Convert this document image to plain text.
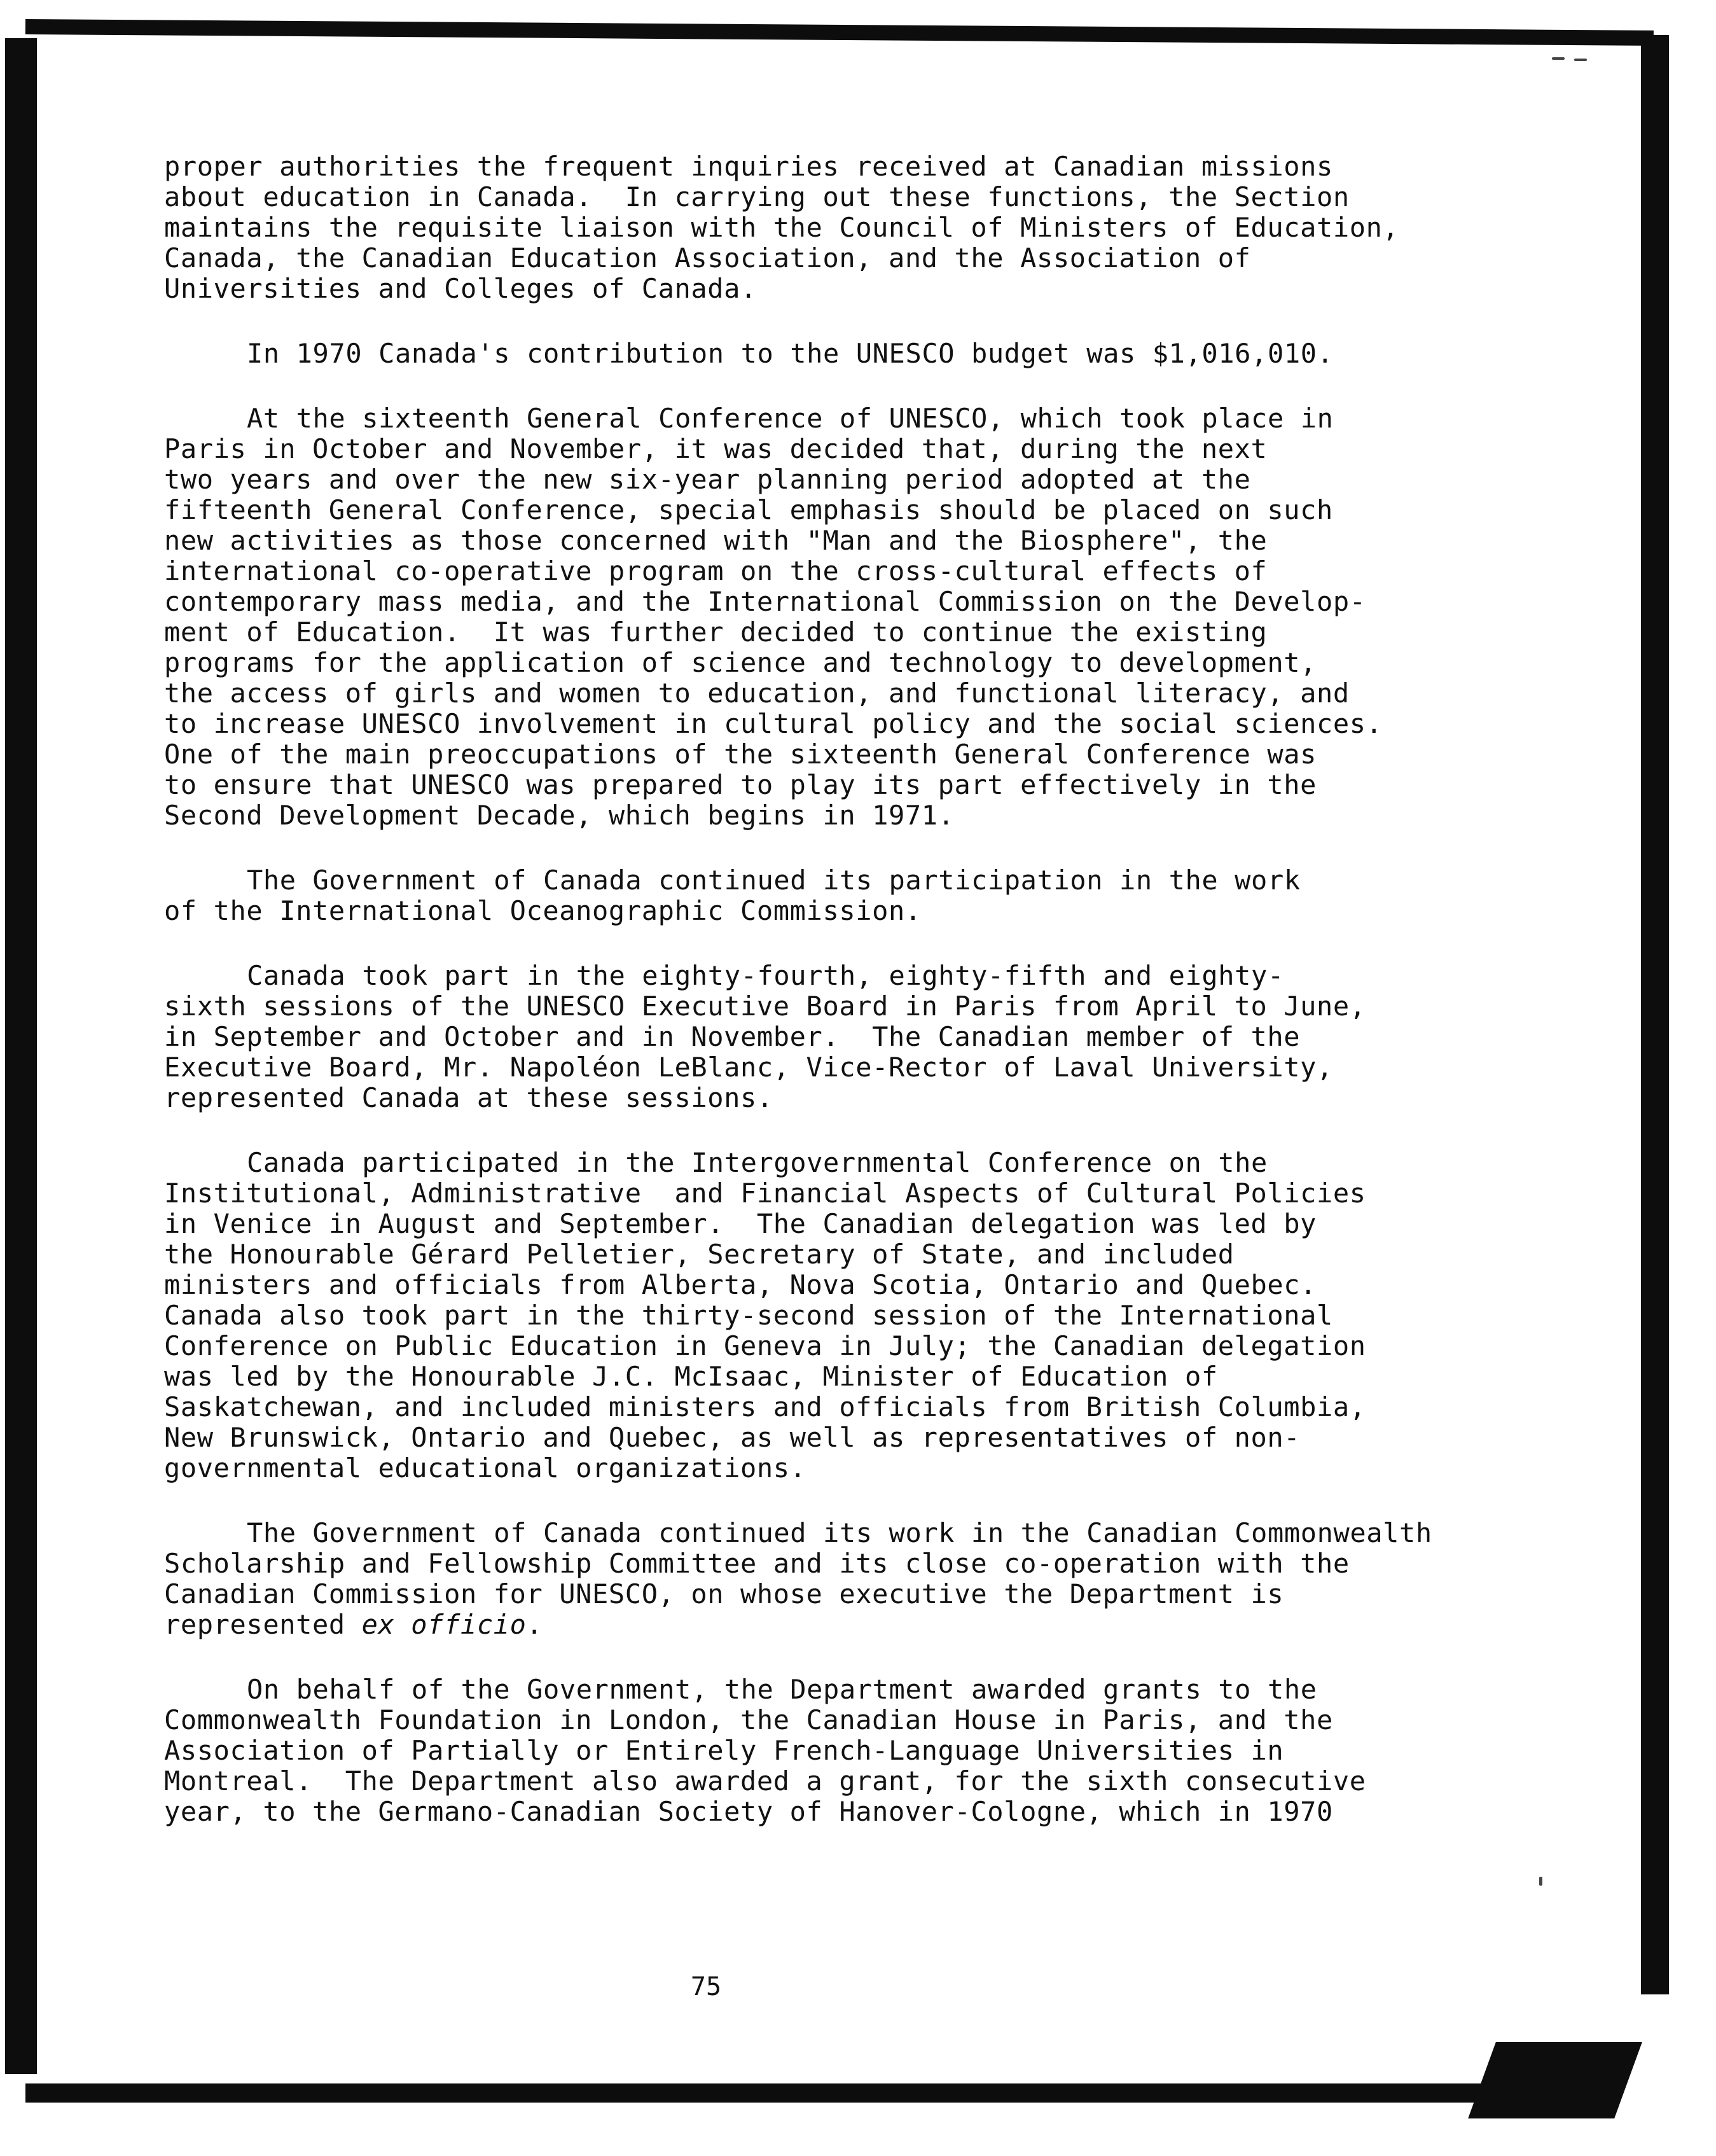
proper authorities the frequent inquiries received at Canadian missions

about education in Canada.  In carrying out these functions, the Section

maintains the requisite liaison with the Council of Ministers of Education,

Canada, the Canadian Education Association, and the Association of

Universities and Colleges of Canada.

In 1970 Canada's contribution to the UNESCO budget was $1,016,010.

At the sixteenth General Conference of UNESCO, which took place in

Paris in October and November, it was decided that, during the next

two years and over the new six-year planning period adopted at the

fifteenth General Conference, special emphasis should be placed on such

new activities as those concerned with "Man and the Biosphere", the

international co-operative program on the cross-cultural effects of

contemporary mass media, and the International Commission on the Develop-

ment of Education.  It was further decided to continue the existing

programs for the application of science and technology to development,

the access of girls and women to education, and functional literacy, and

to increase UNESCO involvement in cultural policy and the social sciences.

One of the main preoccupations of the sixteenth General Conference was

to ensure that UNESCO was prepared to play its part effectively in the

Second Development Decade, which begins in 1971.

The Government of Canada continued its participation in the work

of the International Oceanographic Commission.

Canada took part in the eighty-fourth, eighty-fifth and eighty-

sixth sessions of the UNESCO Executive Board in Paris from April to June,

in September and October and in November.  The Canadian member of the

Executive Board, Mr. Napoléon LeBlanc, Vice-Rector of Laval University,

represented Canada at these sessions.

Canada participated in the Intergovernmental Conference on the

Institutional, Administrative  and Financial Aspects of Cultural Policies

in Venice in August and September.  The Canadian delegation was led by

the Honourable Gérard Pelletier, Secretary of State, and included

ministers and officials from Alberta, Nova Scotia, Ontario and Quebec.

Canada also took part in the thirty-second session of the International

Conference on Public Education in Geneva in July; the Canadian delegation

was led by the Honourable J.C. McIsaac, Minister of Education of

Saskatchewan, and included ministers and officials from British Columbia,

New Brunswick, Ontario and Quebec, as well as representatives of non-

governmental educational organizations.

The Government of Canada continued its work in the Canadian Commonwealth

Scholarship and Fellowship Committee and its close co-operation with the

Canadian Commission for UNESCO, on whose executive the Department is

represented ex officio.

On behalf of the Government, the Department awarded grants to the

Commonwealth Foundation in London, the Canadian House in Paris, and the

Association of Partially or Entirely French-Language Universities in

Montreal.  The Department also awarded a grant, for the sixth consecutive

year, to the Germano-Canadian Society of Hanover-Cologne, which in 1970

75
